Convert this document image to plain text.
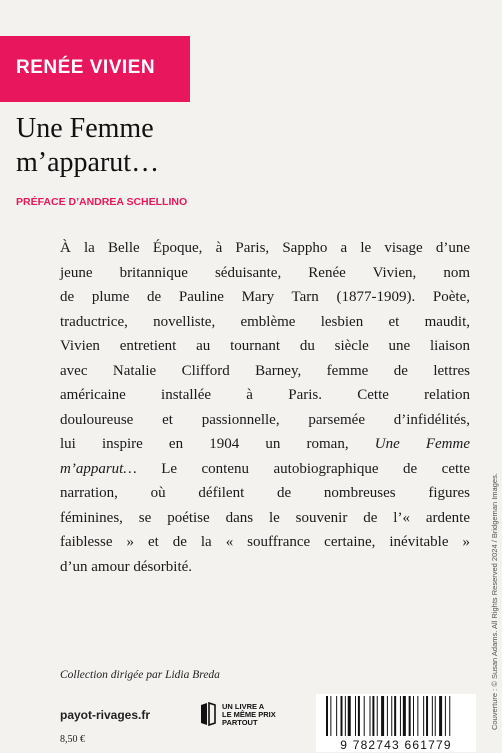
RENÉE VIVIEN
Une Femme
m’apparut…
PRÉFACE D’ANDREA SCHELLINO
À la Belle Époque, à Paris, Sappho a le visage d’une
jeune britannique séduisante, Renée Vivien, nom
de plume de Pauline Mary Tarn (1877-1909). Poète,
traductrice, novelliste, emblème lesbien et maudit,
Vivien entretient au tournant du siècle une liaison
avec Natalie Clifford Barney, femme de lettres
américaine installée à Paris. Cette relation
douloureuse et passionnelle, parsemée d’infidélités,
lui inspire en 1904 un roman, Une Femme
m’apparut… Le contenu autobiographique de cette
narration, où défilent de nombreuses figures
féminines, se poétise dans le souvenir de l’« ardente
faiblesse » et de la « souffrance certaine, inévitable »
d’un amour désorbité.	Couverture : © Susan Adams. All Rights Reserved 2024 / Bridgeman Images.
Collection dirigée par Lidia Breda
payot-rivages.fr
8,50 €
UN LIVRE A
LE MÊME PRIX
PARTOUT
9 782743 661779
